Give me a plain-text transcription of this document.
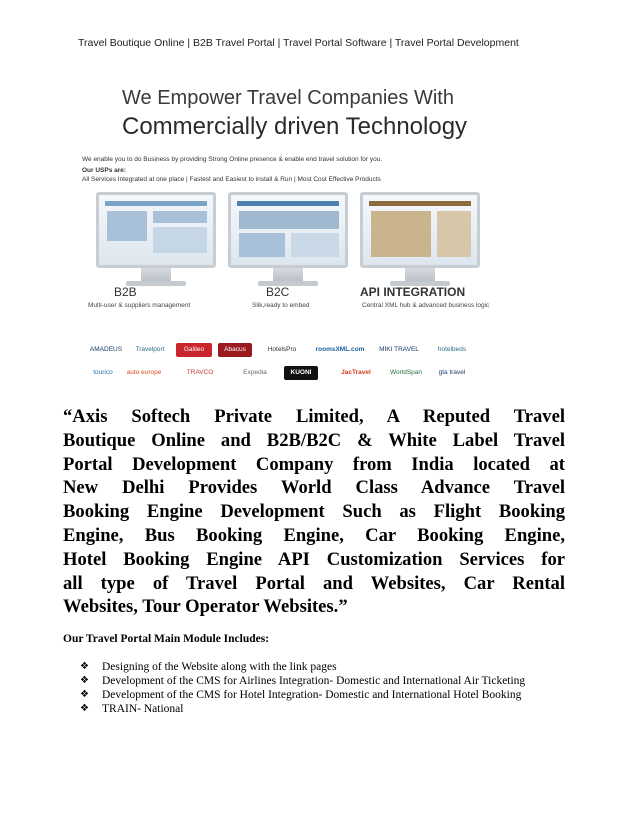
Travel Boutique Online | B2B Travel Portal | Travel Portal Software | Travel Portal Development
We Empower Travel Companies With
Commercially driven Technology
We enable you to do Business by providing Strong Online presence & enable end travel solution for you.
Our USPs are:
All Services Integrated at one place | Fastest and Easiest to install & Run | Most Cost Effective Products
B2B
Multi-user & suppliers management
B2C
Slik,ready to embed
API INTEGRATION
Central XML hub & advanced business logic
AMADEUS	Travelport	Galileo	Abacus	HotelsPro	roomsXML.com	MIKI TRAVEL	hotelbeds
tourico	auto europe	TRAVCO	Expedia	KUONI	JacTravel	WorldSpan	gta travel
“Axis Softech Private Limited, A Reputed Travel
Boutique Online and B2B/B2C & White Label Travel
Portal Development Company from India located at
New Delhi Provides World Class Advance Travel
Booking Engine Development Such as Flight Booking
Engine, Bus Booking Engine, Car Booking Engine,
Hotel Booking Engine API Customization Services for
all type of Travel Portal and Websites, Car Rental
Websites, Tour Operator Websites.”
Our Travel Portal Main Module Includes:
❖ Designing of the Website along with the link pages
❖ Development of the CMS for Airlines Integration- Domestic and International Air Ticketing
❖ Development of the CMS for Hotel Integration- Domestic and International Hotel Booking
❖ TRAIN- National
